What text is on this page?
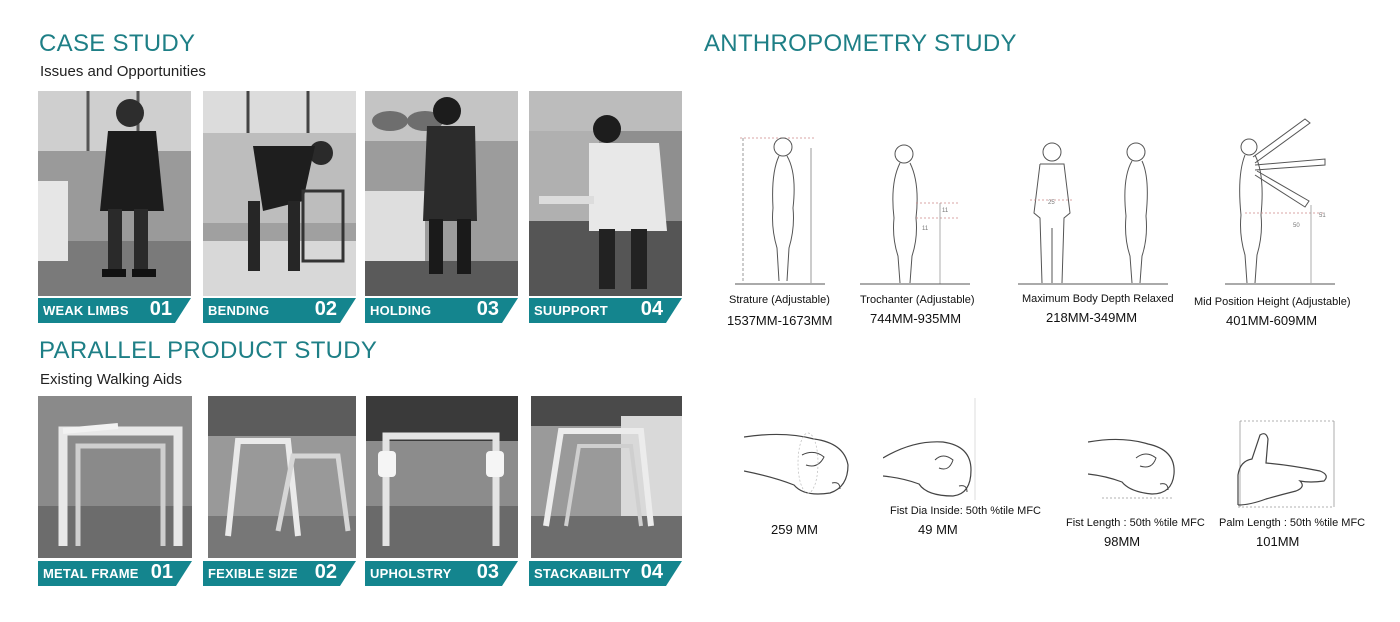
CASE STUDY
Issues and Opportunities
WEAK LIMBS 01	BENDING 02	HOLDING 03	SUUPPORT 04
PARALLEL PRODUCT STUDY
Existing Walking Aids
METAL FRAME 01	FEXIBLE SIZE 02	UPHOLSTRY 03	STACKABILITY 04
ANTHROPOMETRY STUDY
Strature (Adjustable)
1537MM-1673MM
11
11
Trochanter (Adjustable)
744MM-935MM
25
Maximum Body Depth Relaxed
218MM-349MM
50
51
Mid Position Height (Adjustable)
401MM-609MM
259 MM
Fist Dia Inside: 50th %tile MFC
49 MM	Fist Length : 50th %tile MFC
98MM
Palm Length : 50th %tile MFC
101MM
